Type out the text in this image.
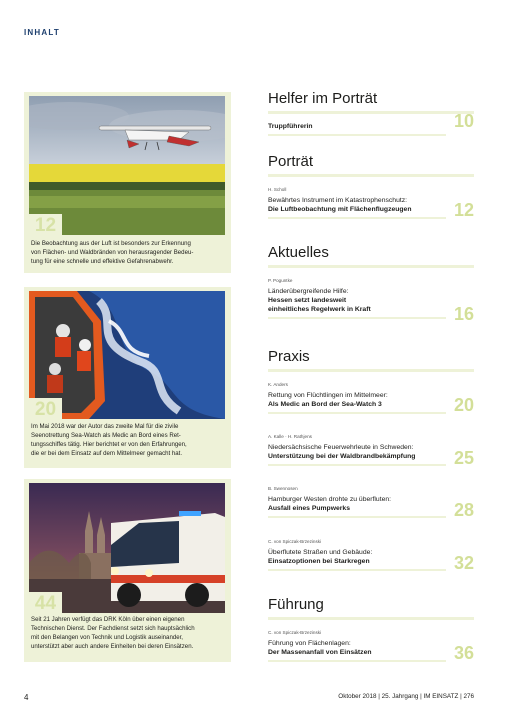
INHALT
12
Die Beobachtung aus der Luft ist besonders zur Erkennung
von Flächen- und Waldbränden von herausragender Bedeu-
tung für eine schnelle und effektive Gefahrenabwehr.
20
Im Mai 2018 war der Autor das zweite Mal für die zivile
Seenotrettung Sea-Watch als Medic an Bord eines Ret-
tungsschiffes tätig. Hier berichtet er von den Erfahrungen,
die er bei dem Einsatz auf dem Mittelmeer gemacht hat.
44
Seit 21 Jahren verfügt das DRK Köln über einen eigenen
Technischen Dienst. Der Fachdienst setzt sich hauptsächlich
mit den Belangen von Technik und Logistik auseinander,
unterstützt aber auch andere Einheiten bei deren Einsätzen.
Helfer im Porträt
Truppführerin	10
Porträt
H. Scholl
Bewährtes Instrument im Katastrophenschutz:
Die Luftbeobachtung mit Flächenflugzeugen	12
Aktuelles
P. Poguntke
Länderübergreifende Hilfe:
Hessen setzt landesweit
einheitliches Regelwerk in Kraft	16
Praxis
K. Anders
Rettung von Flüchtlingen im Mittelmeer:
Als Medic an Bord der Sea-Watch 3	20
A. Kalle · H. Rathjens
Niedersächsische Feuerwehrleute in Schweden:
Unterstützung bei der Waldbrandbekämpfung	25
B. Swennosen
Hamburger Westen drohte zu überfluten:
Ausfall eines Pumpwerks	28
C. von Spiczak-Brzezinski
Überflutete Straßen und Gebäude:
Einsatzoptionen bei Starkregen	32
Führung
C. von Spiczak-Brzezinski
Führung von Flächenlagen:
Der Massenanfall von Einsätzen	36
4	Oktober 2018 | 25. Jahrgang | IM EINSATZ | 276
